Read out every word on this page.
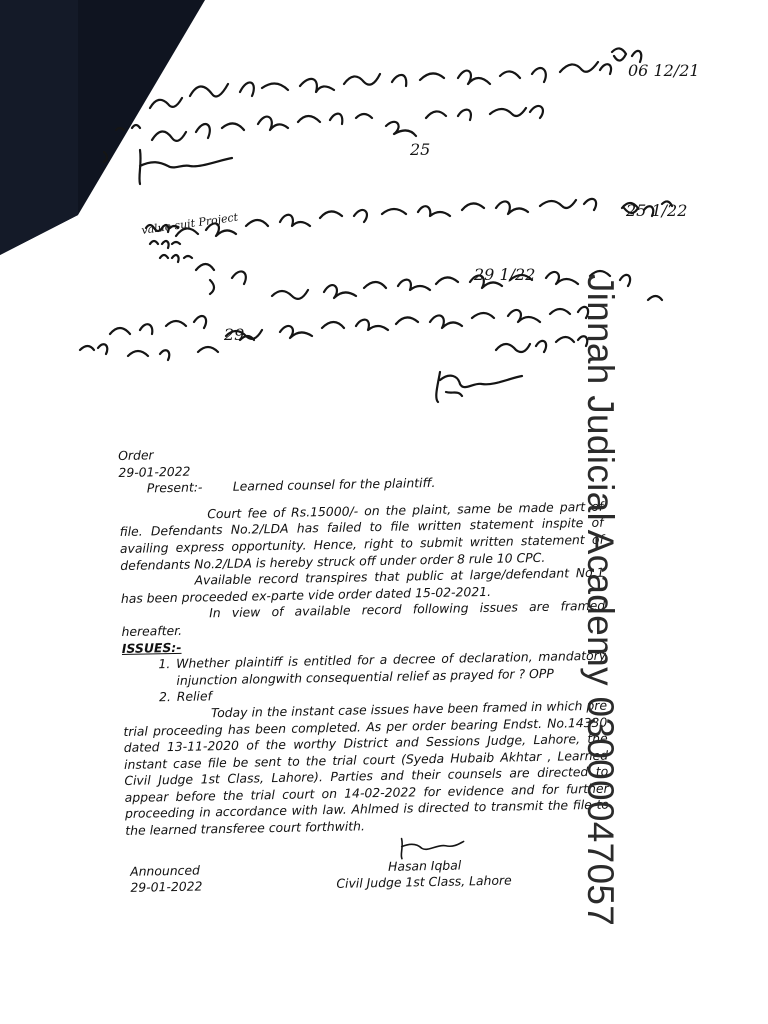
06 12/21
25 1/22
25
29 1/22
29
value suit Project

Order

29-01-2022

Present:-	Learned counsel for the plaintiff.

Court fee of Rs.15000/- on the plaint, same be made part of file. Defendants No.2/LDA has failed to file written statement inspite of availing express opportunity. Hence, right to submit written statement of defendants No.2/LDA is hereby struck off under order 8 rule 10 CPC.

Available record transpires that public at large/defendant No.1 has been proceeded ex-parte vide order dated 15-02-2021.

In view of available record following issues are framed hereafter.

ISSUES:-

1. Whether plaintiff is entitled for a decree of declaration, mandatory injunction alongwith consequential relief as prayed for ? OPP
2. Relief

Today in the instant case issues have been framed in which pre trial proceeding has been completed. As per order bearing Endst. No.14330 dated 13-11-2020 of the worthy District and Sessions Judge, Lahore, the instant case file be sent to the trial court (Syeda Hubaib Akhtar , Learned Civil Judge 1st Class, Lahore). Parties and their counsels are directed to appear before the trial court on 14-02-2022 for evidence and for further proceeding in accordance with law. Ahlmed is directed to transmit the file to the learned transferee court forthwith.

Announced
29-01-2022
Hasan Iqbal
Civil Judge 1st Class, Lahore Jinnah Judicial Academy 03000047057
